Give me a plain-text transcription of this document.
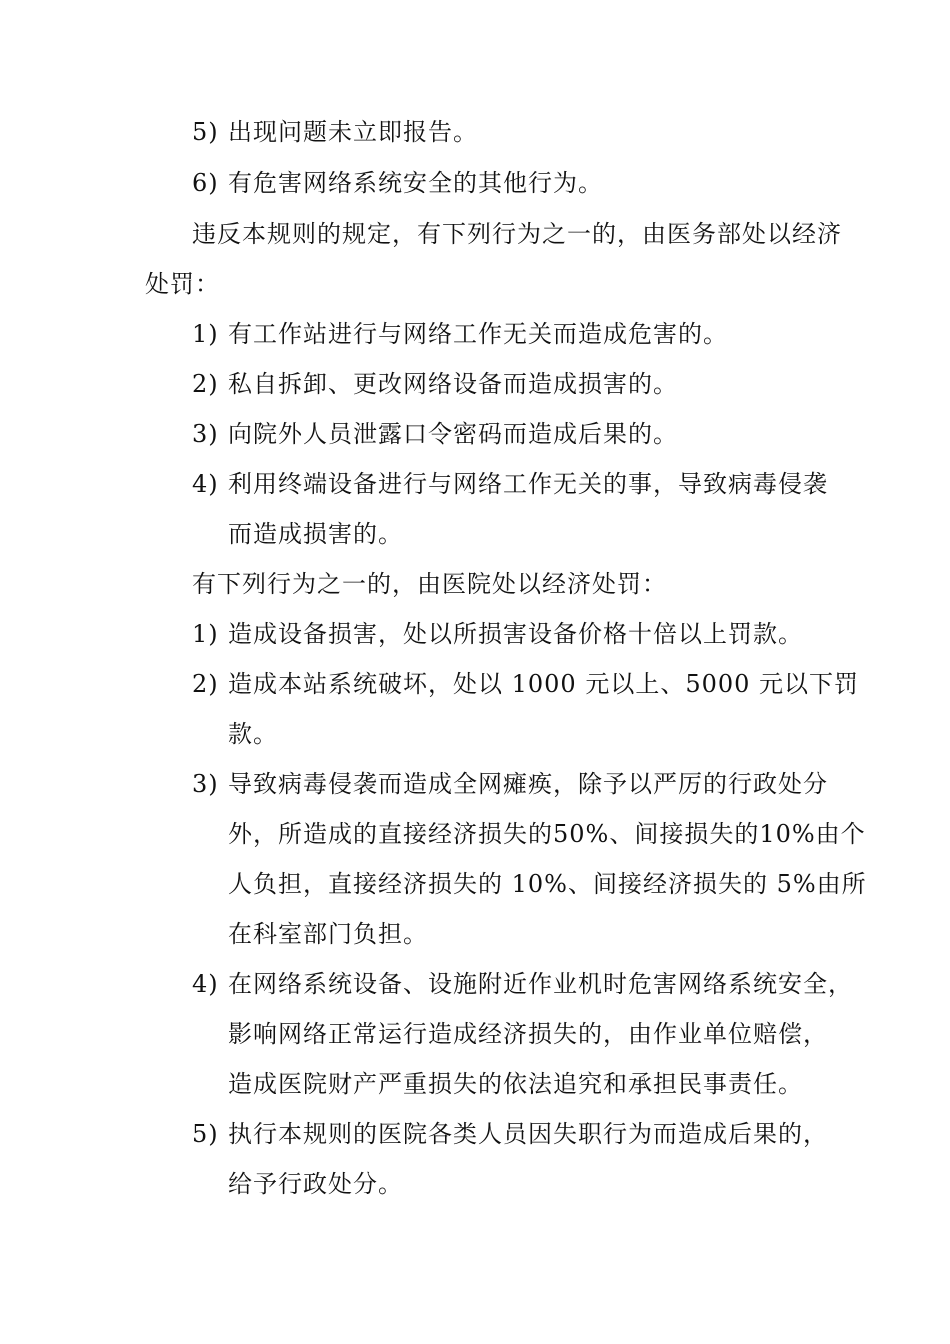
5) 出现问题未立即报告。
6) 有危害网络系统安全的其他行为。
违反本规则的规定，有下列行为之一的，由医务部处以经济
处罚：
1) 有工作站进行与网络工作无关而造成危害的。
2) 私自拆卸、更改网络设备而造成损害的。
3) 向院外人员泄露口令密码而造成后果的。
4) 利用终端设备进行与网络工作无关的事，导致病毒侵袭
而造成损害的。
有下列行为之一的，由医院处以经济处罚：
1) 造成设备损害，处以所损害设备价格十倍以上罚款。
2) 造成本站系统破坏，处以 1000 元以上、5000 元以下罚
款。
3) 导致病毒侵袭而造成全网瘫痪，除予以严厉的行政处分
外，所造成的直接经济损失的50%、间接损失的10%由个
人负担，直接经济损失的 10%、间接经济损失的 5%由所
在科室部门负担。
4) 在网络系统设备、设施附近作业机时危害网络系统安全，
影响网络正常运行造成经济损失的，由作业单位赔偿，
造成医院财产严重损失的依法追究和承担民事责任。
5) 执行本规则的医院各类人员因失职行为而造成后果的，
给予行政处分。
